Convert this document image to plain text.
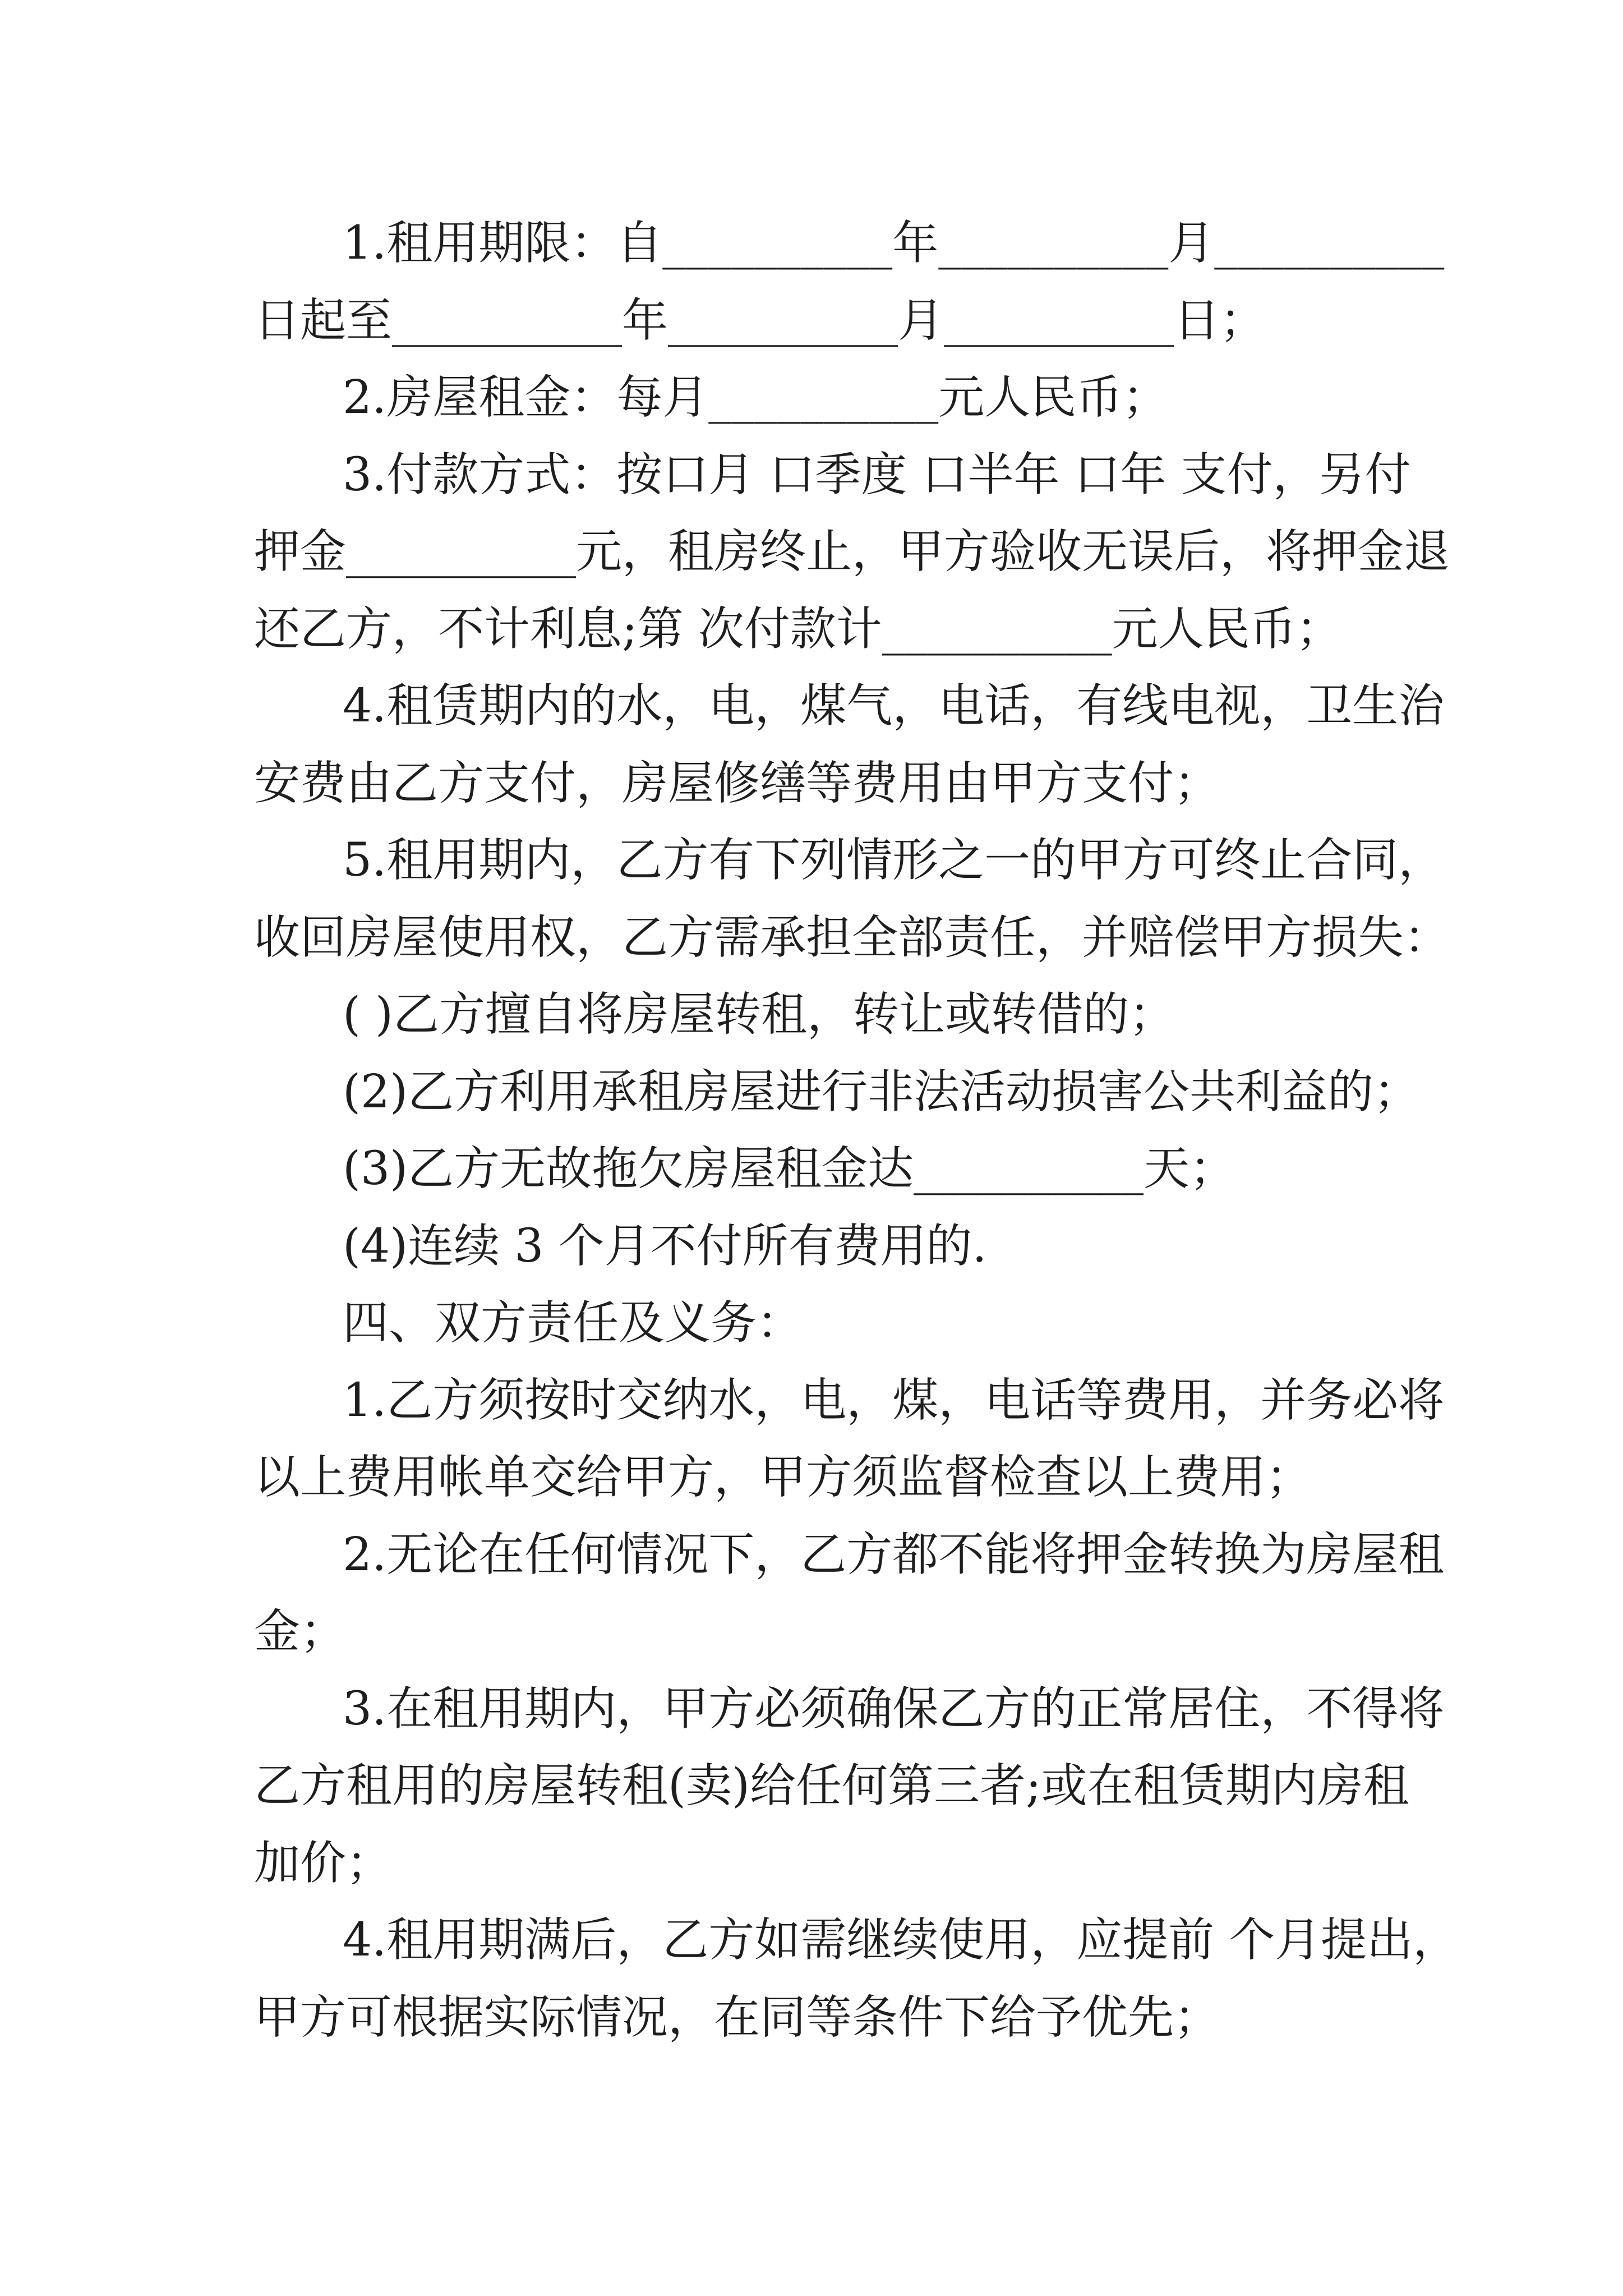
1.租用期限：自__________年__________月__________
日起至__________年__________月__________日；
2.房屋租金：每月__________元人民币；
3.付款方式：按口月 口季度 口半年 口年 支付，另付
押金__________元，租房终止，甲方验收无误后，将押金退
还乙方，不计利息;第 次付款计__________元人民币；
4.租赁期内的水，电，煤气，电话，有线电视，卫生治
安费由乙方支付，房屋修缮等费用由甲方支付；
5.租用期内，乙方有下列情形之一的甲方可终止合同，
收回房屋使用权，乙方需承担全部责任，并赔偿甲方损失：
( )乙方擅自将房屋转租，转让或转借的；
(2)乙方利用承租房屋进行非法活动损害公共利益的；
(3)乙方无故拖欠房屋租金达__________天；
(4)连续 3 个月不付所有费用的.
四、双方责任及义务：
1.乙方须按时交纳水，电，煤，电话等费用，并务必将
以上费用帐单交给甲方，甲方须监督检查以上费用；
2.无论在任何情况下，乙方都不能将押金转换为房屋租
金；
3.在租用期内，甲方必须确保乙方的正常居住，不得将
乙方租用的房屋转租(卖)给任何第三者;或在租赁期内房租
加价；
4.租用期满后，乙方如需继续使用，应提前 个月提出，
甲方可根据实际情况，在同等条件下给予优先；
